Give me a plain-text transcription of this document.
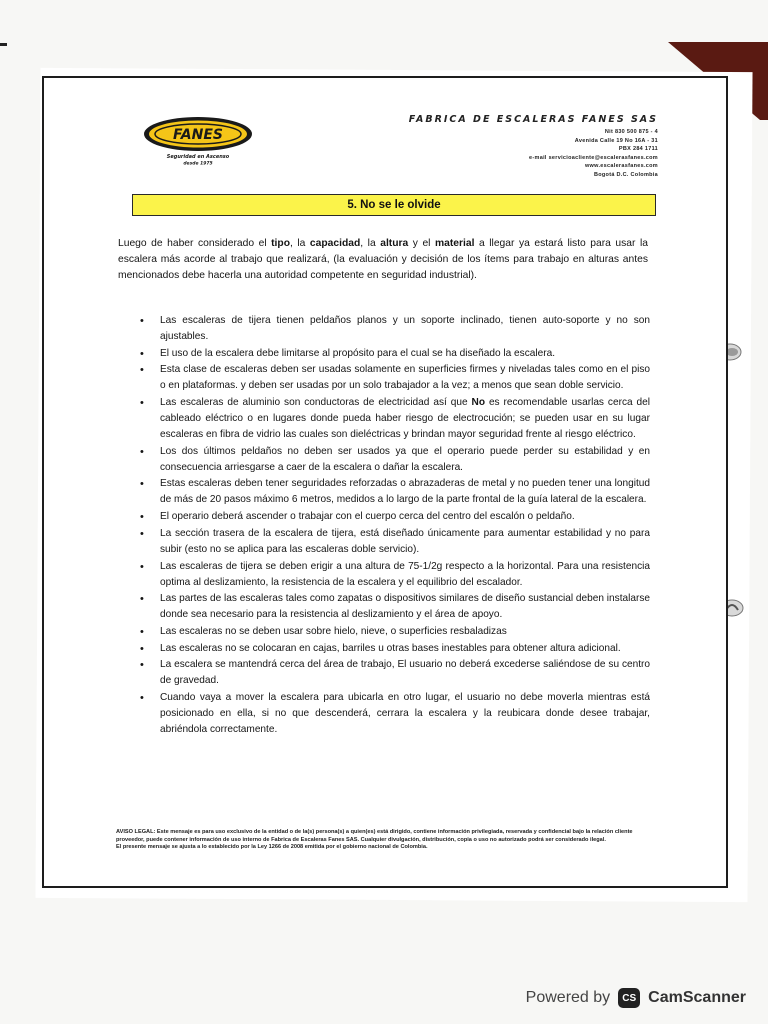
FANES
Seguridad en Ascenso
desde 1975
FABRICA DE ESCALERAS FANES SAS
Nit 830 500 875 - 4
Avenida Calle 19 No 16A - 31
PBX 284 1711
e-mail servicioacliente@escalerasfanes.com
www.escalerasfanes.com
Bogotá D.C. Colombia
5. No se le olvide

Luego de haber considerado el tipo, la capacidad, la altura y el material a llegar ya estará listo para usar la escalera más acorde al trabajo que realizará, (la evaluación y decisión de los ítems para trabajo en alturas antes mencionados debe hacerla una autoridad competente en seguridad industrial).

• Las escaleras de tijera tienen peldaños planos y un soporte inclinado, tienen auto-soporte y no son ajustables.
• El uso de la escalera debe limitarse al propósito para el cual se ha diseñado la escalera.
• Esta clase de escaleras deben ser usadas solamente en superficies firmes y niveladas tales como en el piso o en plataformas. y deben ser usadas por un solo trabajador a la vez; a menos que sean doble servicio.
• Las escaleras de aluminio son conductoras de electricidad así que No es recomendable usarlas cerca del cableado eléctrico o en lugares donde pueda haber riesgo de electrocución; se pueden usar en su lugar escaleras en fibra de vidrio las cuales son dieléctricas y brindan mayor seguridad frente al riesgo eléctrico.
• Los dos últimos peldaños no deben ser usados ya que el operario puede perder su estabilidad y en consecuencia arriesgarse a caer de la escalera o dañar la escalera.
• Estas escaleras deben tener seguridades reforzadas o abrazaderas de metal y no pueden tener una longitud de más de 20 pasos máximo 6 metros, medidos a lo largo de la parte frontal de la guía lateral de la escalera.
• El operario deberá ascender o trabajar con el cuerpo cerca del centro del escalón o peldaño.
• La sección trasera de la escalera de tijera, está diseñado únicamente para aumentar estabilidad y no para subir (esto no se aplica para las escaleras doble servicio).
• Las escaleras de tijera se deben erigir a una altura de 75-1/2g respecto a la horizontal. Para una resistencia optima al deslizamiento, la resistencia de la escalera y el equilibrio del escalador.
• Las partes de las escaleras tales como zapatas o dispositivos similares de diseño sustancial deben instalarse donde sea necesario para la resistencia al deslizamiento y el área de apoyo.
• Las escaleras no se deben usar sobre hielo, nieve, o superficies resbaladizas
• Las escaleras no se colocaran en cajas, barriles u otras bases inestables para obtener altura adicional.
• La escalera se mantendrá cerca del área de trabajo, El usuario no deberá excederse saliéndose de su centro de gravedad.
• Cuando vaya a mover la escalera para ubicarla en otro lugar, el usuario no debe moverla mientras está posicionado en ella, si no que descenderá, cerrara la escalera y la reubicara donde desee trabajar, abriéndola correctamente.
AVISO LEGAL: Este mensaje es para uso exclusivo de la entidad o de la(s) persona(s) a quien(es) está dirigido, contiene información privilegiada, reservada y confidencial bajo la relación cliente proveedor, puede contener información de uso interno de Fabrica de Escaleras Fanes SAS. Cualquier divulgación, distribución, copia o uso no autorizado podrá ser considerado ilegal.
El presente mensaje se ajusta a lo establecido por la Ley 1266 de 2008 emitida por el gobierno nacional de Colombia.
Powered by	CS CamScanner
